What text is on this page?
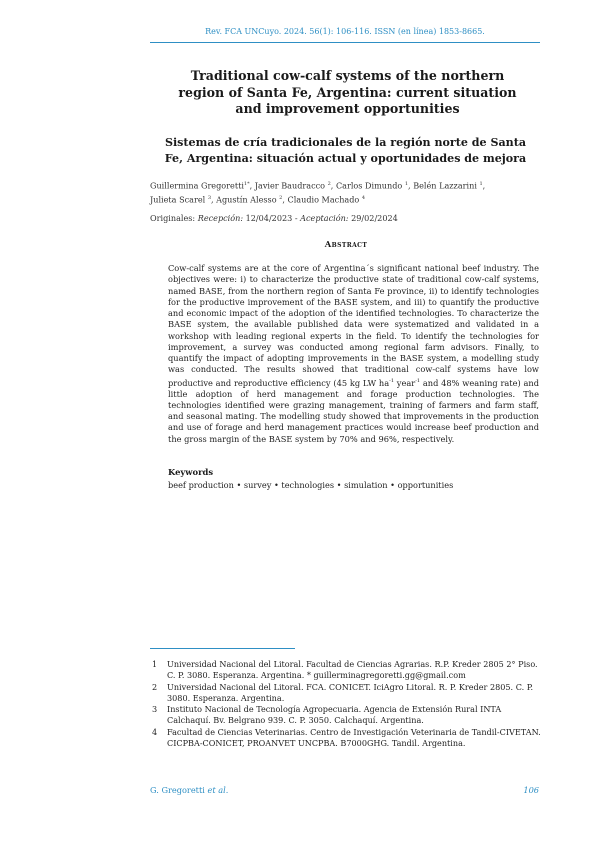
Rev. FCA UNCuyo. 2024. 56(1): 106-116. ISSN (en línea) 1853-8665.
Traditional cow-calf systems of the northern region of Santa Fe, Argentina: current situation and improvement opportunities
Sistemas de cría tradicionales de la región norte de Santa Fe, Argentina: situación actual y oportunidades de mejora
Guillermina Gregoretti$^{1*}$, Javier Baudracco $^2$, Carlos Dimundo $^1$, Belén Lazzarini $^1$,
Julieta Scarel $^3$, Agustín Alesso $^2$, Claudio Machado $^4$
Originales: Recepción: 12/04/2023 - Aceptación: 29/02/2024
Abstract
Cow-calf systems are at the core of Argentina´s significant national beef industry. The objectives were: i) to characterize the productive state of traditional cow-calf systems, named BASE, from the northern region of Santa Fe province, ii) to identify technologies for the productive improvement of the BASE system, and iii) to quantify the productive and economic impact of the adoption of the identified technologies. To characterize the BASE system, the available published data were systematized and validated in a workshop with leading regional experts in the field. To identify the technologies for improvement, a survey was conducted among regional farm advisors. Finally, to quantify the impact of adopting improvements in the BASE system, a modelling study was conducted. The results showed that traditional cow-calf systems have low productive and reproductive efficiency (45 kg LW $ha^{-1}$ year$^{-1}$ and 48% weaning rate) and little adoption of herd management and forage production technologies. The technologies identified were grazing management, training of farmers and farm staff, and seasonal mating. The modelling study showed that improvements in the production and use of forage and herd management practices would increase beef production and the gross margin of the BASE system by 70% and 96%, respectively.
Keywords
beef production • survey • technologies • simulation • opportunities
1 Universidad Nacional del Litoral. Facultad de Ciencias Agrarias. R.P. Kreder 2805 2° Piso. C. P. 3080. Esperanza. Argentina. * guillerminagregoretti.gg@gmail.com
2 Universidad Nacional del Litoral. FCA. CONICET. IciAgro Litoral. R. P. Kreder 2805. C. P. 3080. Esperanza. Argentina.
3 Instituto Nacional de Tecnología Agropecuaria. Agencia de Extensión Rural INTA Calchaquí. Bv. Belgrano 939. C. P. 3050. Calchaquí. Argentina.
4 Facultad de Ciencias Veterinarias. Centro de Investigación Veterinaria de Tandil-CIVETAN. CICPBA-CONICET, PROANVET UNCPBA. B7000GHG. Tandil. Argentina.
G. Gregoretti et al.	106
